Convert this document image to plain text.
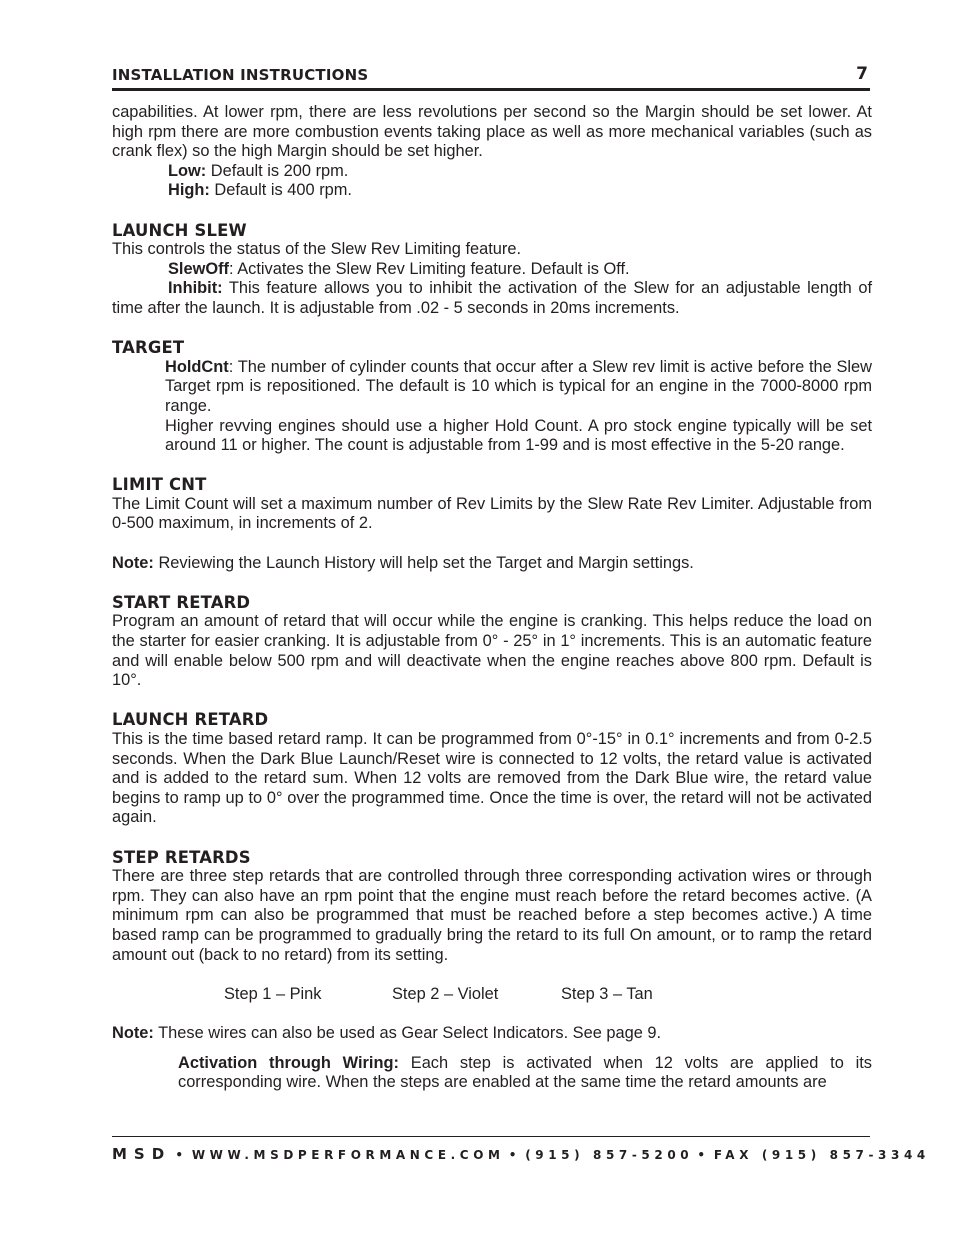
INSTALLATION INSTRUCTIONS	7

capabilities. At lower rpm, there are less revolutions per second so the Margin should be set lower. At high rpm there are more combustion events taking place as well as more mechanical variables (such as crank flex) so the high Margin should be set higher.

Low: Default is 200 rpm.

High: Default is 400 rpm.

LAUNCH SLEW

This controls the status of the Slew Rev Limiting feature.

SlewOff: Activates the Slew Rev Limiting feature. Default is Off.

Inhibit: This feature allows you to inhibit the activation of the Slew for an adjustable length of time after the launch. It is adjustable from .02 - 5 seconds in 20ms increments.

TARGET

HoldCnt: The number of cylinder counts that occur after a Slew rev limit is active before the Slew Target rpm is repositioned. The default is 10 which is typical for an engine in the 7000-8000 rpm range.

Higher revving engines should use a higher Hold Count. A pro stock engine typically will be set around 11 or higher. The count is adjustable from 1-99 and is most effective in the 5-20 range.

LIMIT CNT

The Limit Count will set a maximum number of Rev Limits by the Slew Rate Rev Limiter. Adjustable from 0-500 maximum, in increments of 2.

Note: Reviewing the Launch History will help set the Target and Margin settings.

START RETARD

Program an amount of retard that will occur while the engine is cranking. This helps reduce the load on the starter for easier cranking. It is adjustable from 0° - 25° in 1° increments. This is an automatic feature and will enable below 500 rpm and will deactivate when the engine reaches above 800 rpm. Default is 10°.

LAUNCH RETARD

This is the time based retard ramp. It can be programmed from 0°-15° in 0.1° increments and from 0-2.5 seconds. When the Dark Blue Launch/Reset wire is connected to 12 volts, the retard value is activated and is added to the retard sum. When 12 volts are removed from the Dark Blue wire, the retard value begins to ramp up to 0° over the programmed time. Once the time is over, the retard will not be activated again.

STEP RETARDS

There are three step retards that are controlled through three corresponding activation wires or through rpm. They can also have an rpm point that the engine must reach before the retard becomes active. (A minimum rpm can also be programmed that must be reached before a step becomes active.) A time based ramp can be programmed to gradually bring the retard to its full On amount, or to ramp the retard amount out (back to no retard) from its setting.

Step 1 – Pink	Step 2 – Violet	Step 3 – Tan

Note: These wires can also be used as Gear Select Indicators. See page 9.

Activation through Wiring: Each step is activated when 12 volts are applied to its corresponding wire. When the steps are enabled at the same time the retard amounts are

MSD • WWW.MSDPERFORMANCE.COM • (915) 857-5200 • FAX (915) 857-3344
